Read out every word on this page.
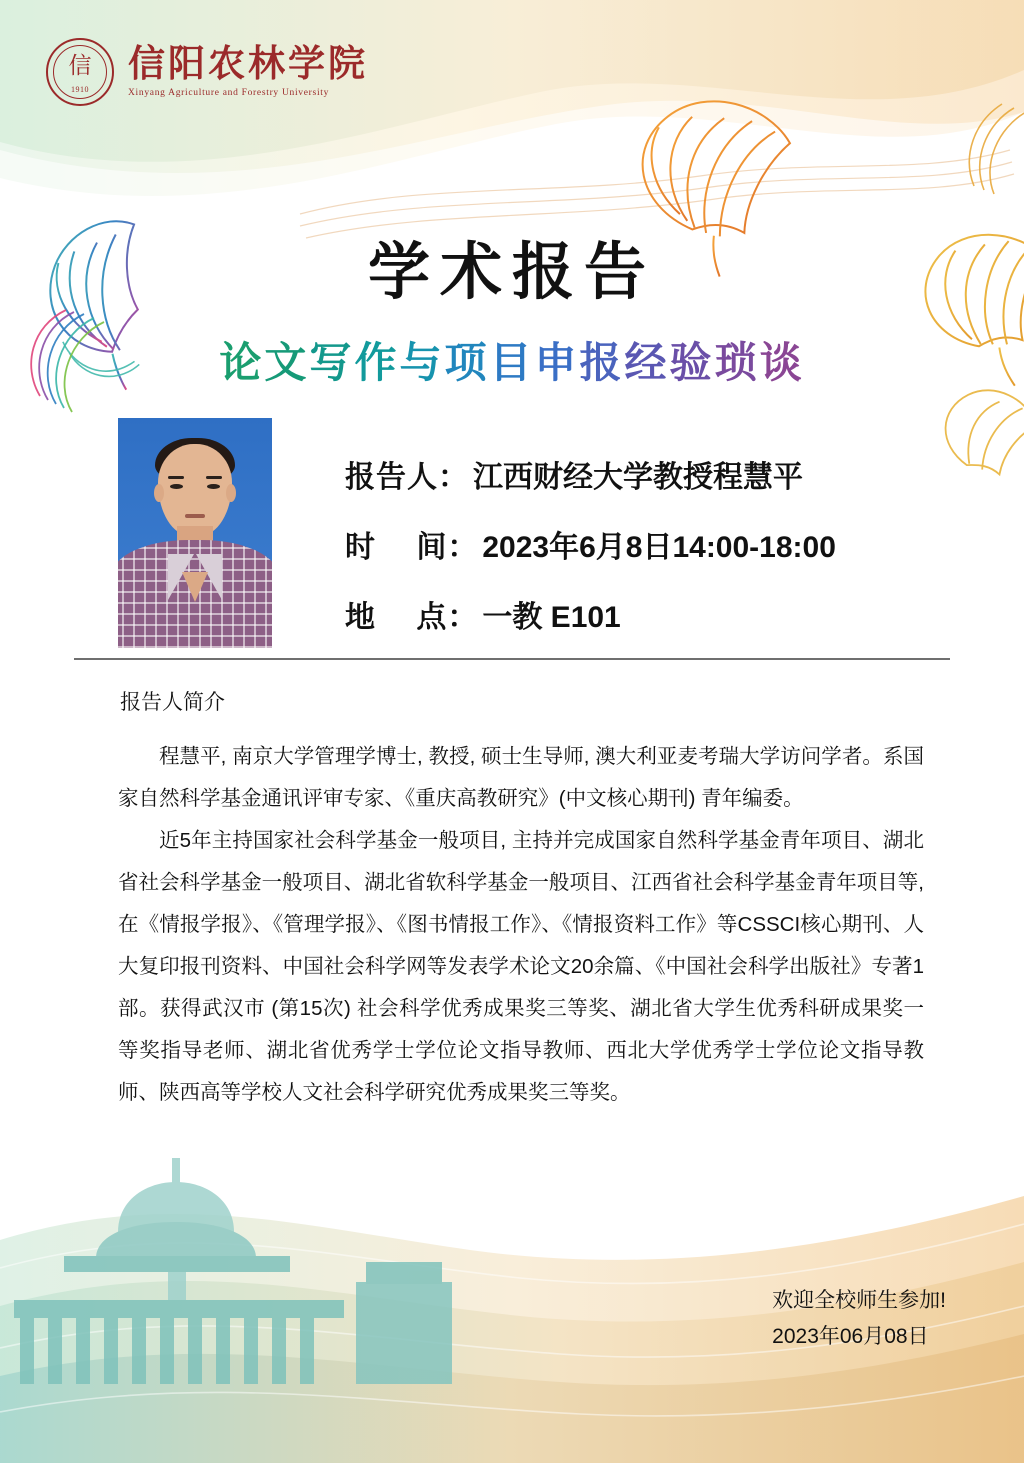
信
1910
信阳农林学院
Xinyang Agriculture and Forestry University
学术报告
论文写作与项目申报经验琐谈
报告人： 江西财经大学教授程慧平
时　 间： 2023年6月8日14:00-18:00
地　 点： 一教 E101
报告人简介

程慧平, 南京大学管理学博士, 教授, 硕士生导师, 澳大利亚麦考瑞大学访问学者。系国家自然科学基金通讯评审专家、《重庆高教研究》(中文核心期刊) 青年编委。

近5年主持国家社会科学基金一般项目, 主持并完成国家自然科学基金青年项目、湖北省社会科学基金一般项目、湖北省软科学基金一般项目、江西省社会科学基金青年项目等, 在《情报学报》、《管理学报》、《图书情报工作》、《情报资料工作》等CSSCI核心期刊、人大复印报刊资料、中国社会科学网等发表学术论文20余篇、《中国社会科学出版社》专著1部。获得武汉市 (第15次) 社会科学优秀成果奖三等奖、湖北省大学生优秀科研成果奖一等奖指导老师、湖北省优秀学士学位论文指导教师、西北大学优秀学士学位论文指导教师、陕西高等学校人文社会科学研究优秀成果奖三等奖。

欢迎全校师生参加!
2023年06月08日
